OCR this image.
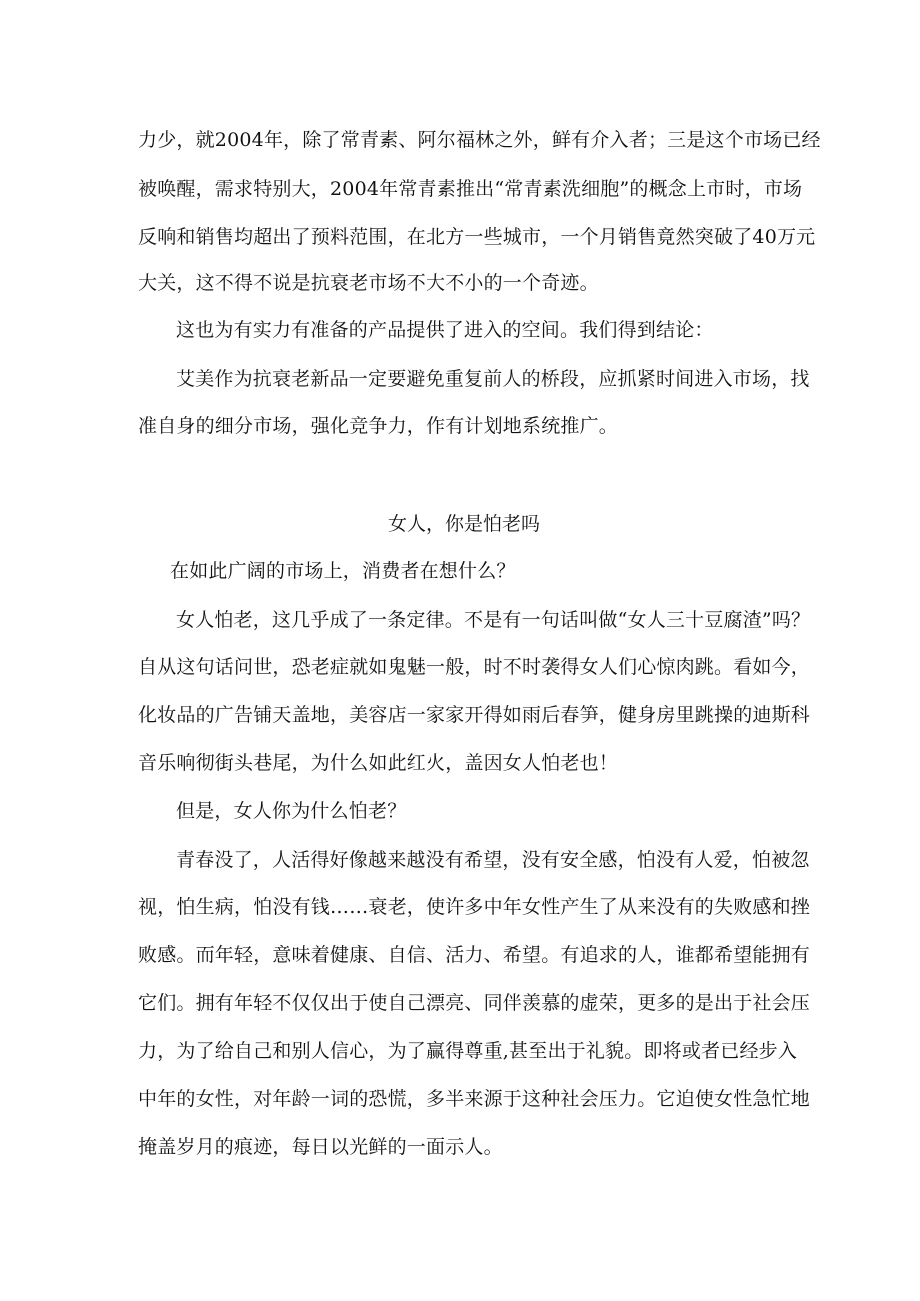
力少，就2004年，除了常青素、阿尔福林之外，鲜有介入者；三是这个市场已经
被唤醒，需求特别大，2004年常青素推出“常青素洗细胞”的概念上市时，市场
反响和销售均超出了预料范围，在北方一些城市，一个月销售竟然突破了40万元
大关，这不得不说是抗衰老市场不大不小的一个奇迹。
这也为有实力有准备的产品提供了进入的空间。我们得到结论：
艾美作为抗衰老新品一定要避免重复前人的桥段，应抓紧时间进入市场，找
准自身的细分市场，强化竞争力，作有计划地系统推广。
女人，你是怕老吗
在如此广阔的市场上，消费者在想什么？
女人怕老，这几乎成了一条定律。不是有一句话叫做“女人三十豆腐渣”吗？
自从这句话问世，恐老症就如鬼魅一般，时不时袭得女人们心惊肉跳。看如今，
化妆品的广告铺天盖地，美容店一家家开得如雨后春笋，健身房里跳操的迪斯科
音乐响彻街头巷尾，为什么如此红火，盖因女人怕老也！
但是，女人你为什么怕老？
青春没了，人活得好像越来越没有希望，没有安全感，怕没有人爱，怕被忽
视，怕生病，怕没有钱……衰老，使许多中年女性产生了从来没有的失败感和挫
败感。而年轻，意味着健康、自信、活力、希望。有追求的人，谁都希望能拥有
它们。拥有年轻不仅仅出于使自己漂亮、同伴羡慕的虚荣，更多的是出于社会压
力，为了给自己和别人信心，为了赢得尊重,甚至出于礼貌。即将或者已经步入
中年的女性，对年龄一词的恐慌，多半来源于这种社会压力。它迫使女性急忙地
掩盖岁月的痕迹，每日以光鲜的一面示人。
